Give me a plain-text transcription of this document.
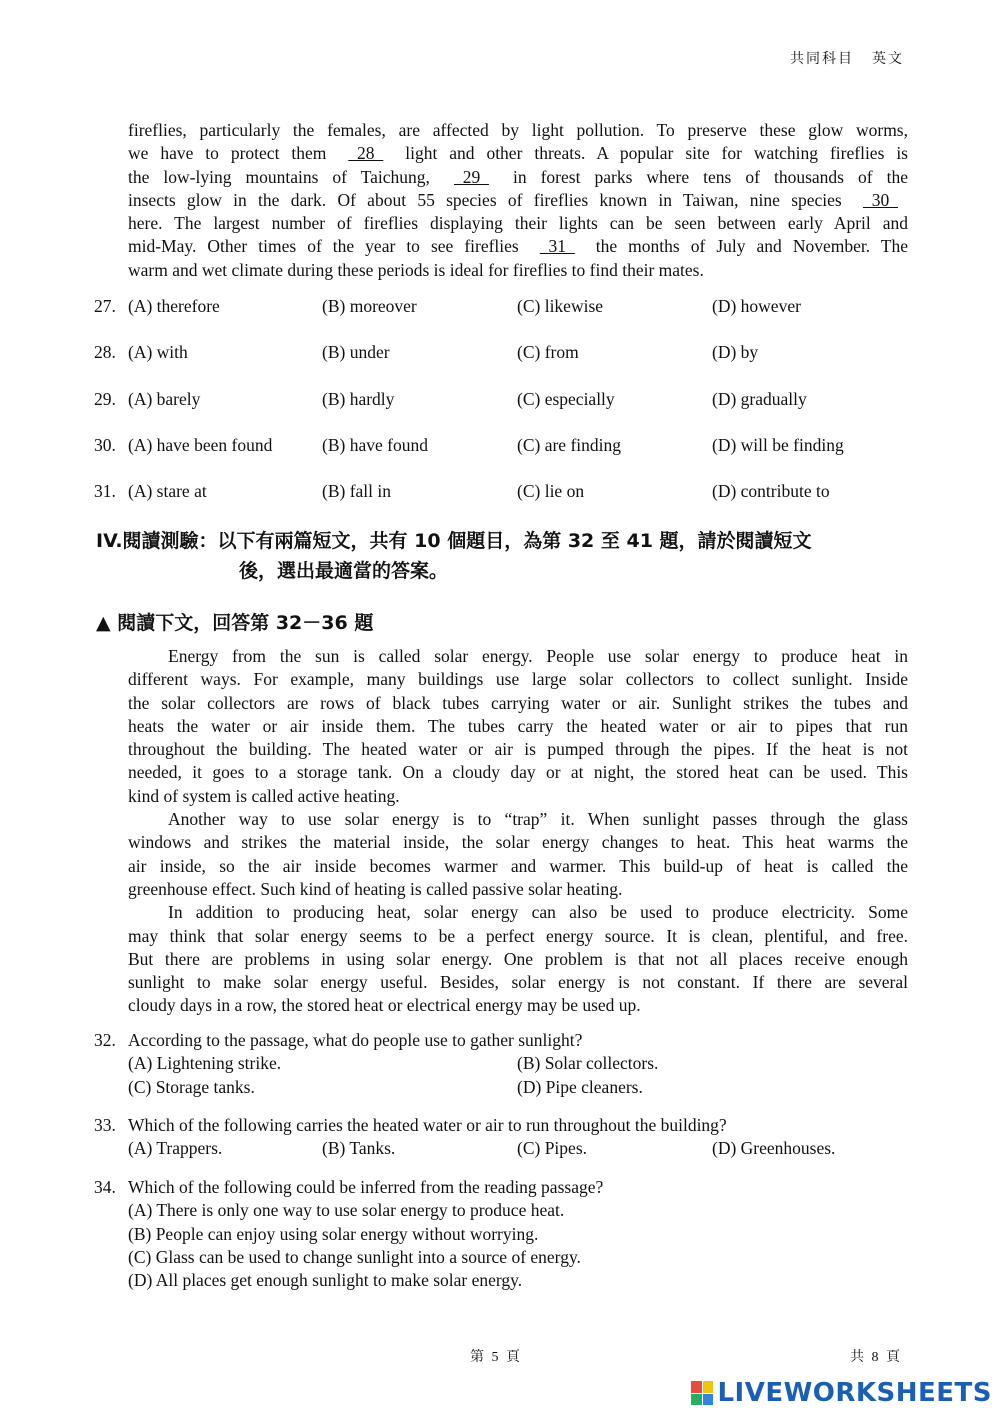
共同科目 英文
fireflies, particularly the females, are affected by light pollution. To preserve these glow worms,
we have to protect them   28   light and other threats. A popular site for watching fireflies is
the low-lying mountains of Taichung,   29   in forest parks where tens of thousands of the
insects glow in the dark. Of about 55 species of fireflies known in Taiwan, nine species   30
here. The largest number of fireflies displaying their lights can be seen between early April and
mid-May. Other times of the year to see fireflies   31   the months of July and November. The
warm and wet climate during these periods is ideal for fireflies to find their mates.
27. (A) therefore	(B) moreover	(C) likewise	(D) however
28. (A) with	(B) under	(C) from	(D) by
29. (A) barely	(B) hardly	(C) especially	(D) gradually
30. (A) have been found	(B) have found	(C) are finding	(D) will be finding
31. (A) stare at	(B) fall in	(C) lie on	(D) contribute to
IV.閱讀測驗：以下有兩篇短文，共有 10 個題目，為第 32 至 41 題，請於閱讀短文
後，選出最適當的答案。
▲ 閱讀下文，回答第 32－36 題
Energy from the sun is called solar energy. People use solar energy to produce heat in
different ways. For example, many buildings use large solar collectors to collect sunlight. Inside
the solar collectors are rows of black tubes carrying water or air. Sunlight strikes the tubes and
heats the water or air inside them. The tubes carry the heated water or air to pipes that run
throughout the building. The heated water or air is pumped through the pipes. If the heat is not
needed, it goes to a storage tank. On a cloudy day or at night, the stored heat can be used. This
kind of system is called active heating.
Another way to use solar energy is to “trap” it. When sunlight passes through the glass
windows and strikes the material inside, the solar energy changes to heat. This heat warms the
air inside, so the air inside becomes warmer and warmer. This build-up of heat is called the
greenhouse effect. Such kind of heating is called passive solar heating.
In addition to producing heat, solar energy can also be used to produce electricity. Some
may think that solar energy seems to be a perfect energy source. It is clean, plentiful, and free.
But there are problems in using solar energy. One problem is that not all places receive enough
sunlight to make solar energy useful. Besides, solar energy is not constant. If there are several
cloudy days in a row, the stored heat or electrical energy may be used up.
32. According to the passage, what do people use to gather sunlight?
(A) Lightening strike.	(B) Solar collectors.
(C) Storage tanks.	(D) Pipe cleaners.
33. Which of the following carries the heated water or air to run throughout the building?
(A) Trappers.	(B) Tanks.	(C) Pipes.	(D) Greenhouses.
34. Which of the following could be inferred from the reading passage?
(A) There is only one way to use solar energy to produce heat.
(B) People can enjoy using solar energy without worrying.
(C) Glass can be used to change sunlight into a source of energy.
(D) All places get enough sunlight to make solar energy.
第 5 頁	共 8 頁
LIVEWORKSHEETS
